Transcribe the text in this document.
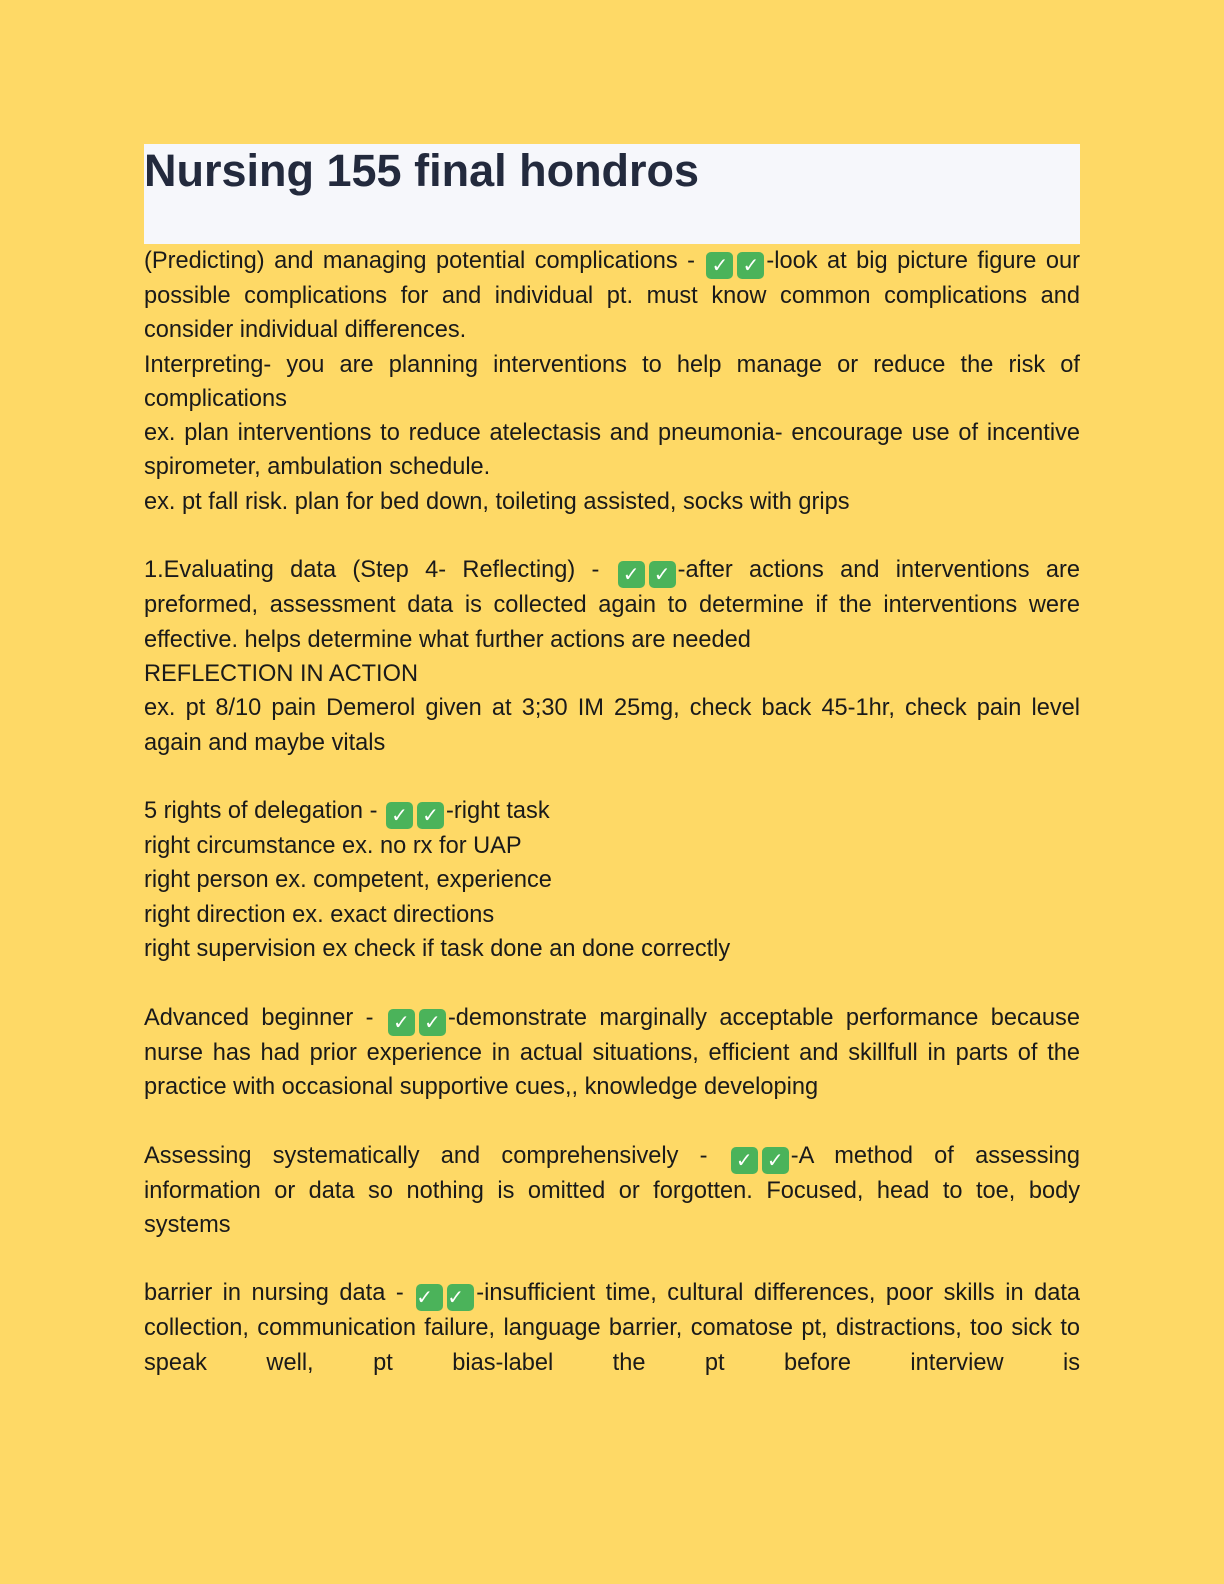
Nursing 155 final hondros

(Predicting) and managing potential complications - ✓ ✓ -look at big picture figure our possible complications for and individual pt. must know common complications and consider individual differences.

Interpreting- you are planning interventions to help manage or reduce the risk of complications

ex. plan interventions to reduce atelectasis and pneumonia- encourage use of incentive spirometer, ambulation schedule.

ex. pt fall risk. plan for bed down, toileting assisted, socks with grips

1.Evaluating data (Step 4- Reflecting) - ✓ ✓ -after actions and interventions are preformed, assessment data is collected again to determine if the interventions were effective. helps determine what further actions are needed

REFLECTION IN ACTION

ex. pt 8/10 pain Demerol given at 3;30 IM 25mg, check back 45-1hr, check pain level again and maybe vitals

5 rights of delegation - ✓ ✓ -right task

right circumstance ex. no rx for UAP

right person ex. competent, experience

right direction ex. exact directions

right supervision ex check if task done an done correctly

Advanced beginner - ✓ ✓ -demonstrate marginally acceptable performance because nurse has had prior experience in actual situations, efficient and skillfull in parts of the practice with occasional supportive cues,, knowledge developing

Assessing systematically and comprehensively - ✓ ✓ -A method of assessing information or data so nothing is omitted or forgotten. Focused, head to toe, body systems

barrier in nursing data - ✓ ✓ -insufficient time, cultural differences, poor skills in data collection, communication failure, language barrier, comatose pt, distractions, too sick to speak well, pt bias-label the pt before interview is
